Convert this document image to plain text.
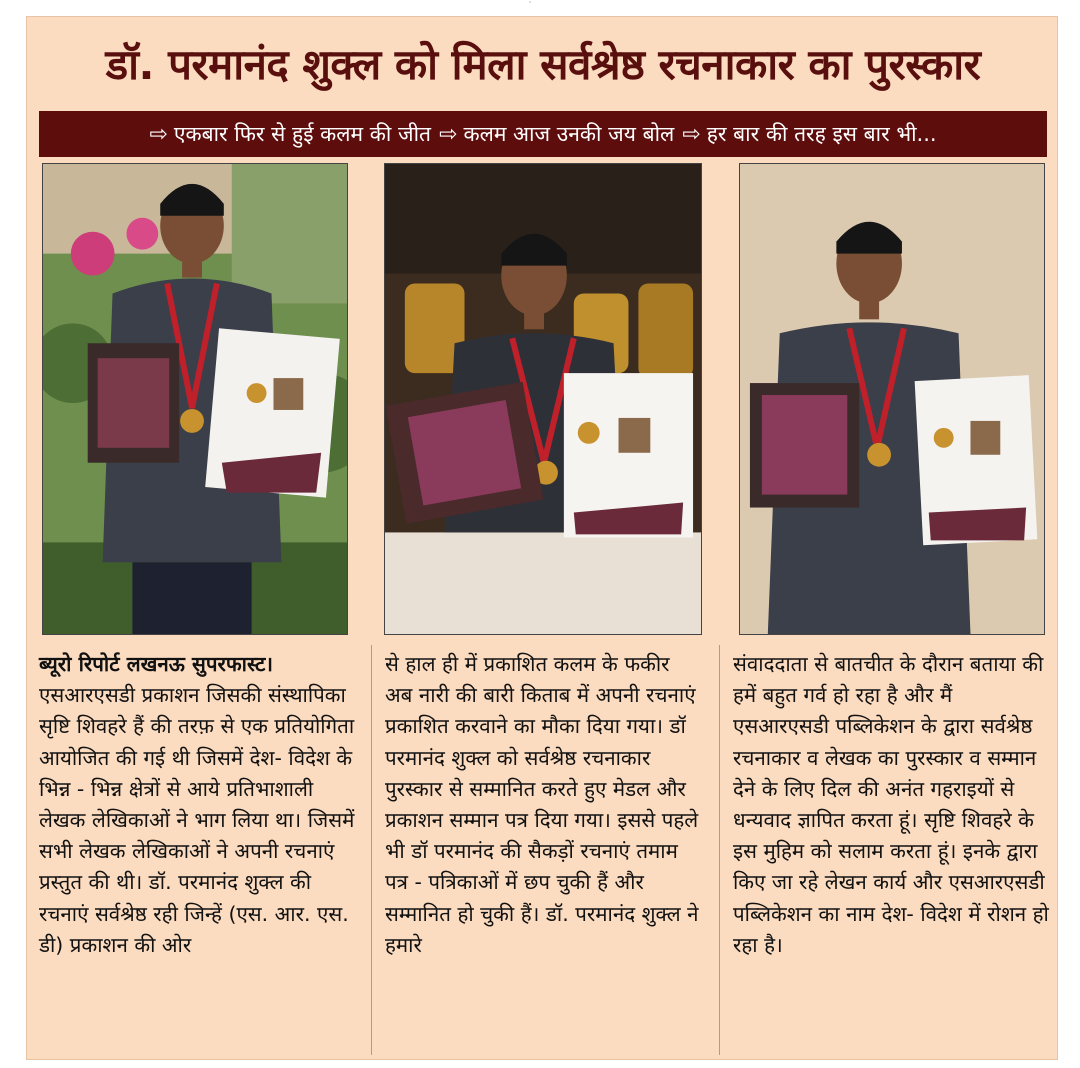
·
डॉ. परमानंद शुक्ल को मिला सर्वश्रेष्ठ रचनाकार का पुरस्कार
⇨ एकबार फिर से हुई कलम की जीत ⇨ कलम आज उनकी जय बोल ⇨ हर बार की तरह इस बार भी...

ब्यूरो रिपोर्ट लखनऊ सुपरफास्ट। एसआरएसडी प्रकाशन जिसकी संस्थापिका सृष्टि शिवहरे हैं की तरफ़ से एक प्रतियोगिता आयोजित की गई थी जिसमें देश- विदेश के भिन्न - भिन्न क्षेत्रों से आये प्रतिभाशाली लेखक लेखिकाओं ने भाग लिया था। जिसमें सभी लेखक लेखिकाओं ने अपनी रचनाएं प्रस्तुत की थी। डॉ. परमानंद शुक्ल की रचनाएं सर्वश्रेष्ठ रही जिन्हें (एस. आर. एस. डी) प्रकाशन की ओर

से हाल ही में प्रकाशित कलम के फकीर अब नारी की बारी किताब में अपनी रचनाएं प्रकाशित करवाने का मौका दिया गया। डॉ परमानंद शुक्ल को सर्वश्रेष्ठ रचनाकार पुरस्कार से सम्मानित करते हुए मेडल और प्रकाशन सम्मान पत्र दिया गया। इससे पहले भी डॉ परमानंद की सैकड़ों रचनाएं तमाम पत्र - पत्रिकाओं में छप चुकी हैं और सम्मानित हो चुकी हैं। डॉ. परमानंद शुक्ल ने हमारे

संवाददाता से बातचीत के दौरान बताया की हमें बहुत गर्व हो रहा है और मैं एसआरएसडी पब्लिकेशन के द्वारा सर्वश्रेष्ठ रचनाकार व लेखक का पुरस्कार व सम्मान देने के लिए दिल की अनंत गहराइयों से धन्यवाद ज्ञापित करता हूं। सृष्टि शिवहरे के इस मुहिम को सलाम करता हूं। इनके द्वारा किए जा रहे लेखन कार्य और एसआरएसडी पब्लिकेशन का नाम देश- विदेश में रोशन हो रहा है।
